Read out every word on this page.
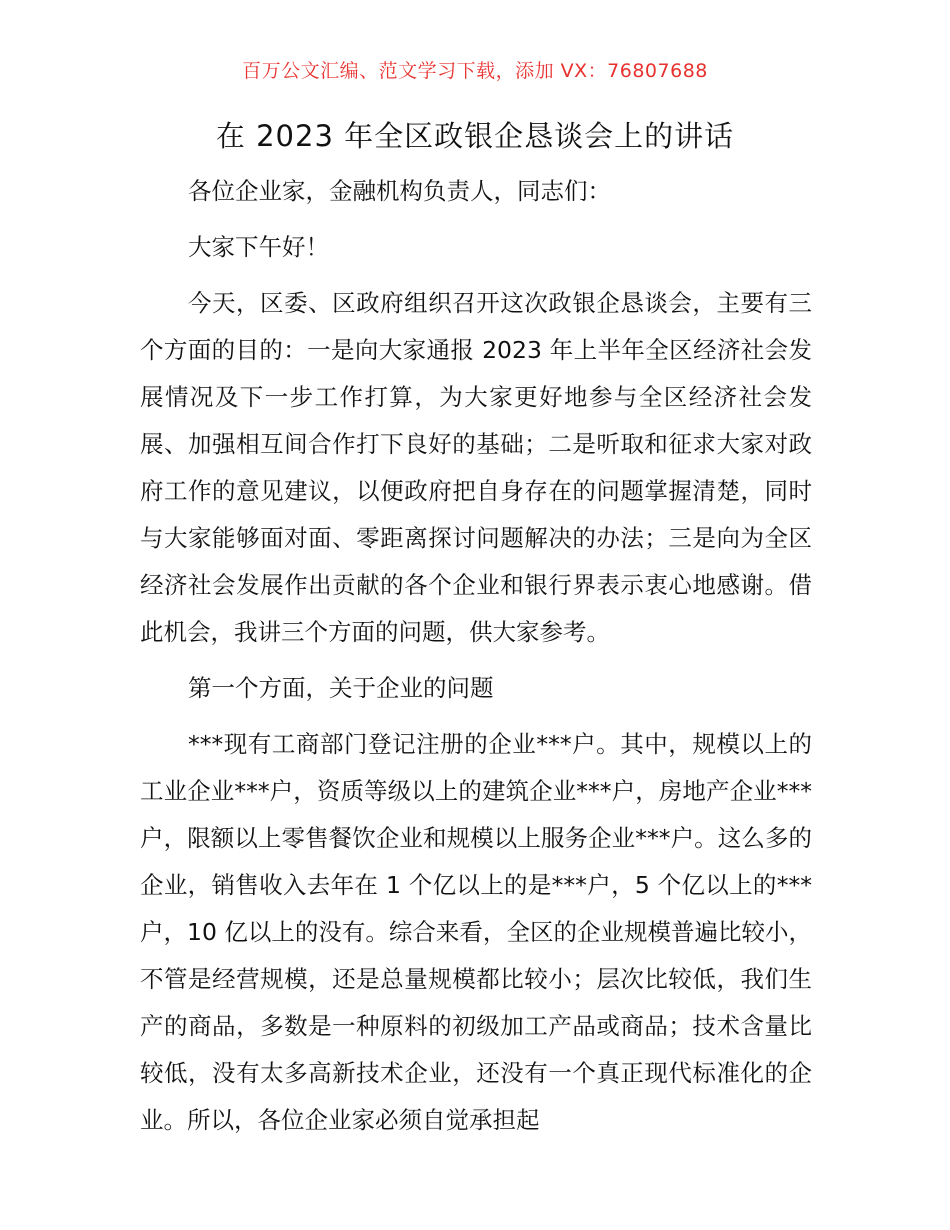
百万公文汇编、范文学习下载，添加 VX：76807688
在 2023 年全区政银企恳谈会上的讲话

各位企业家，金融机构负责人，同志们：

大家下午好！

今天，区委、区政府组织召开这次政银企恳谈会，主要有三个方面的目的：一是向大家通报 2023 年上半年全区经济社会发展情况及下一步工作打算，为大家更好地参与全区经济社会发展、加强相互间合作打下良好的基础；二是听取和征求大家对政府工作的意见建议，以便政府把自身存在的问题掌握清楚，同时与大家能够面对面、零距离探讨问题解决的办法；三是向为全区经济社会发展作出贡献的各个企业和银行界表示衷心地感谢。借此机会，我讲三个方面的问题，供大家参考。

第一个方面，关于企业的问题

***现有工商部门登记注册的企业***户。其中，规模以上的工业企业***户，资质等级以上的建筑企业***户，房地产企业***户，限额以上零售餐饮企业和规模以上服务企业***户。这么多的企业，销售收入去年在 1 个亿以上的是***户，5 个亿以上的***户，10 亿以上的没有。综合来看，全区的企业规模普遍比较小，不管是经营规模，还是总量规模都比较小；层次比较低，我们生产的商品，多数是一种原料的初级加工产品或商品；技术含量比较低，没有太多高新技术企业，还没有一个真正现代标准化的企业。所以，各位企业家必须自觉承担起
